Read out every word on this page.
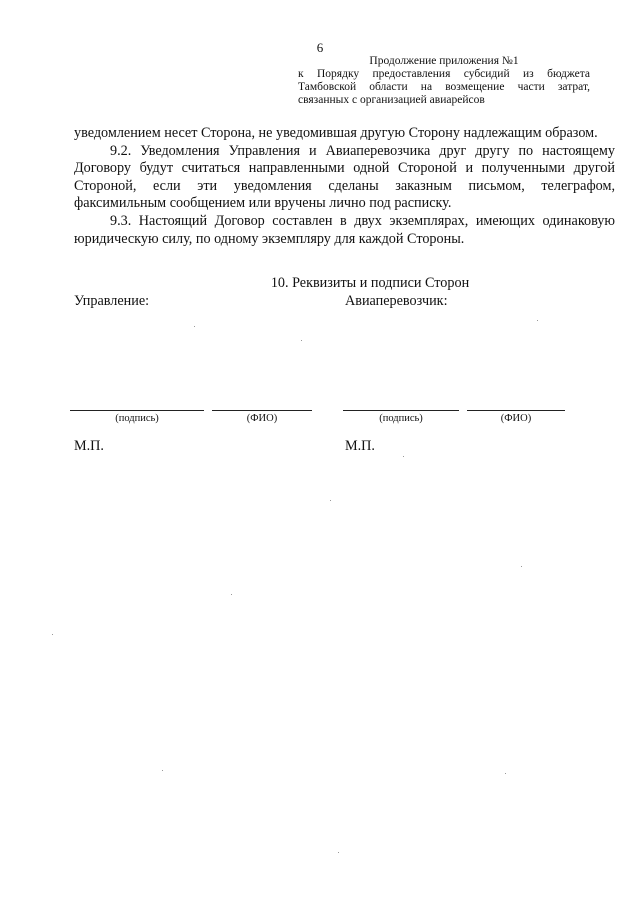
6
Продолжение приложения №1
к Порядку предоставления субсидий из бюджета
Тамбовской области на возмещение части затрат,
связанных с организацией авиарейсов

уведомлением несет Сторона, не уведомившая другую Сторону надлежащим образом.

9.2. Уведомления Управления и Авиаперевозчика друг другу по настоящему Договору будут считаться направленными одной Стороной и полученными другой Стороной, если эти уведомления сделаны заказным письмом, телеграфом, факсимильным сообщением или вручены лично под расписку.

9.3. Настоящий Договор составлен в двух экземплярах, имеющих одинаковую юридическую силу, по одному экземпляру для каждой Стороны.

10. Реквизиты и подписи Сторон
Управление:	Авиаперевозчик:
(подпись)	(ФИО)	(подпись)	(ФИО)
М.П.	М.П.
